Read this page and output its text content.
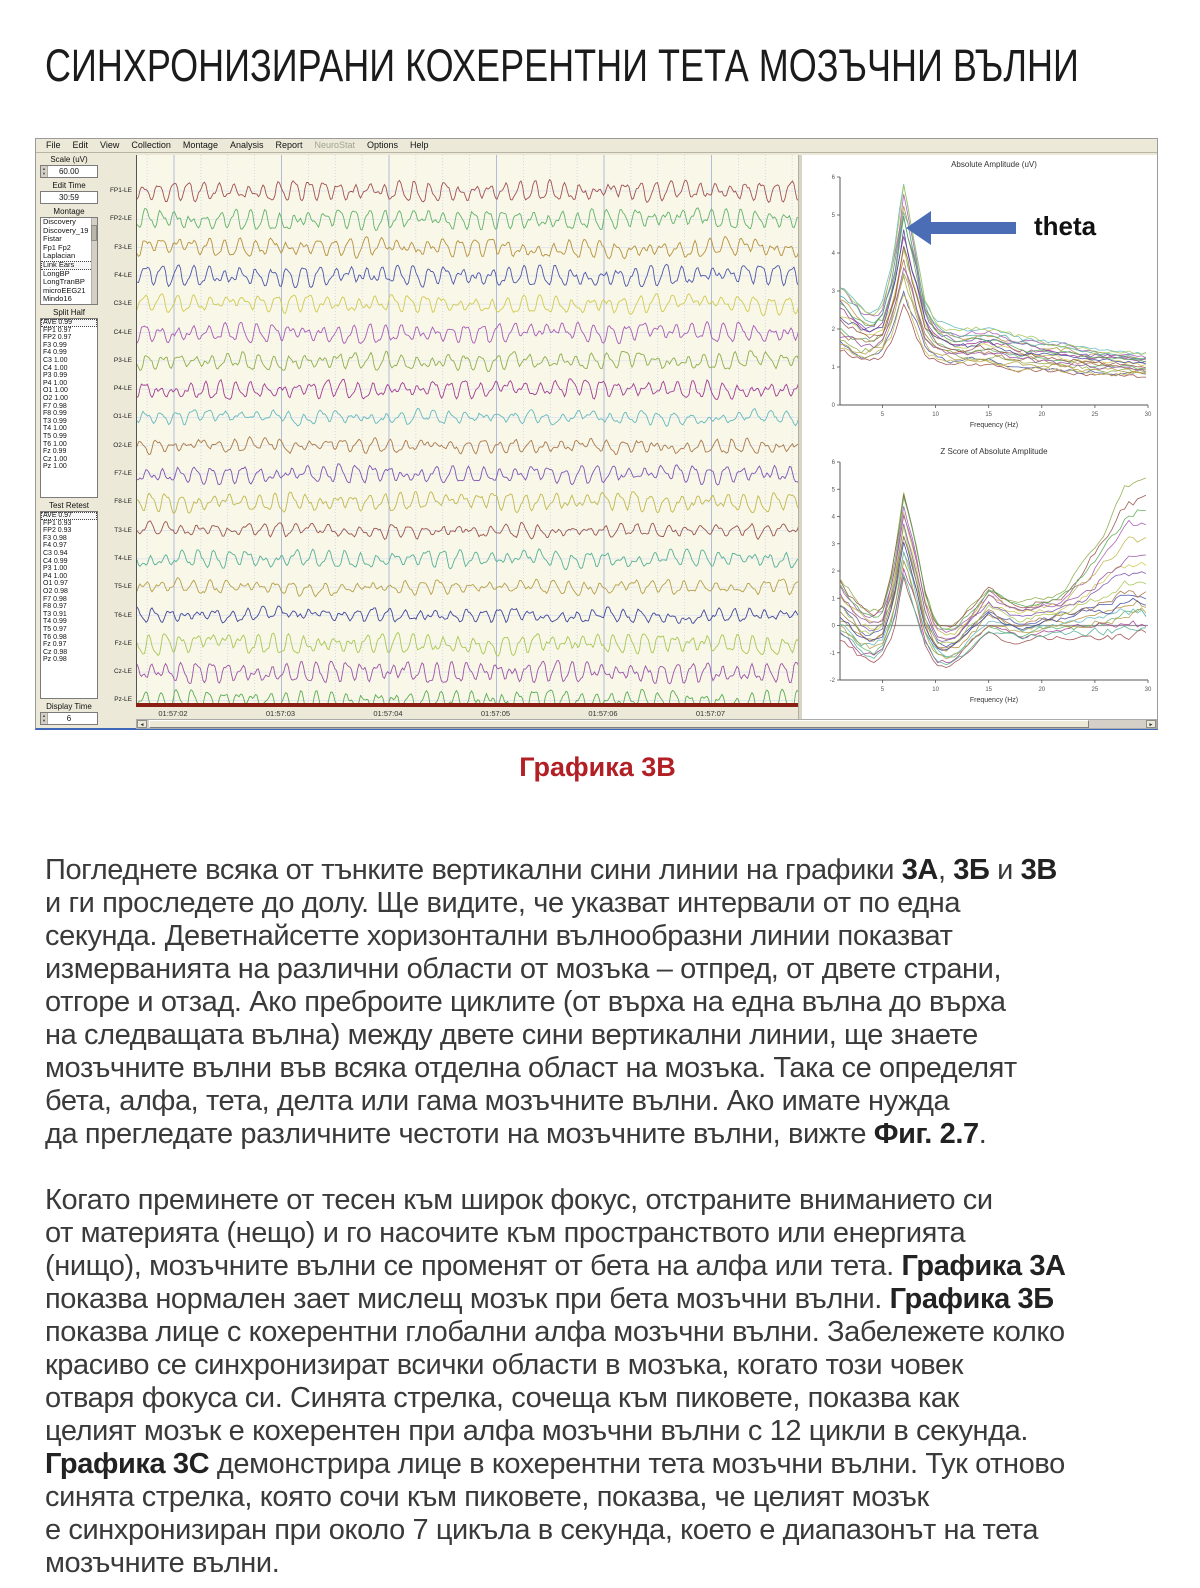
СИНХРОНИЗИРАНИ КОХЕРЕНТНИ ТЕТА МОЗЪЧНИ ВЪЛНИ
File	Edit	View	Collection	Montage	Analysis	Report	NeuroStat	Options	Help
Scale (uV)
▲
▼ 60.00
Edit Time
30:59
Montage
Discovery
Discovery_19
Fistar
Fp1 Fp2
Laplacian
Link Ears
LongBP
LongTranBP
microEEG21
Mindo16
Split Half
AVE 0.99
FP1 0.97
FP2 0.97
F3 0.99
F4 0.99
C3 1.00
C4 1.00
P3 0.99
P4 1.00
O1 1.00
O2 1.00
F7 0.98
F8 0.99
T3 0.99
T4 1.00
T5 0.99
T6 1.00
Fz 0.99
Cz 1.00
Pz 1.00
Test Retest
AVE 0.97
FP1 0.93
FP2 0.93
F3 0.98
F4 0.97
C3 0.94
C4 0.99
P3 1.00
P4 1.00
O1 0.97
O2 0.98
F7 0.98
F8 0.97
T3 0.91
T4 0.99
T5 0.97
T6 0.98
Fz 0.97
Cz 0.98
Pz 0.98
Display Time
▲
▼	6
FP1-LE
FP2-LE
F3-LE
F4-LE
C3-LE
C4-LE
P3-LE
P4-LE
O1-LE
O2-LE
F7-LE
F8-LE
T3-LE
T4-LE
T5-LE
T6-LE
Fz-LE
Cz-LE
Pz-LE
01:57:02	01:57:03	01:57:04	01:57:05	01:57:06	01:57:07
Absolute Amplitude (uV)
0
1
2
3
4
5
6
5	10	15	20	25	30
Frequency (Hz)
Z Score of Absolute Amplitude
-2
-1
0
1
2
3
4
5
6
5	10	15	20	25	30
Frequency (Hz)
theta
◄	►
Графика 3В
Погледнете всяка от тънките вертикални сини линии на графики 3А, 3Б и 3В
и ги проследете до долу. Ще видите, че указват интервали от по една
секунда. Деветнайсетте хоризонтални вълнообразни линии показват
измерванията на различни области от мозъка – отпред, от двете страни,
отгоре и отзад. Ако преброите циклите (от върха на една вълна до върха
на следващата вълна) между двете сини вертикални линии, ще знаете
мозъчните вълни във всяка отделна област на мозъка. Така се определят
бета, алфа, тета, делта или гама мозъчните вълни. Ако имате нужда
да прегледате различните честоти на мозъчните вълни, вижте Фиг. 2.7.
Когато преминете от тесен към широк фокус, отстраните вниманието си
от материята (нещо) и го насочите към пространството или енергията
(нищо), мозъчните вълни се променят от бета на алфа или тета. Графика 3А
показва нормален зает мислещ мозък при бета мозъчни вълни. Графика 3Б
показва лице с кохерентни глобални алфа мозъчни вълни. Забележете колко
красиво се синхронизират всички области в мозъка, когато този човек
отваря фокуса си. Синята стрелка, сочеща към пиковете, показва как
целият мозък е кохерентен при алфа мозъчни вълни с 12 цикли в секунда.
Графика 3С демонстрира лице в кохерентни тета мозъчни вълни. Тук отново
синята стрелка, която сочи към пиковете, показва, че целият мозък
е синхронизиран при около 7 цикъла в секунда, което е диапазонът на тета
мозъчните вълни.
